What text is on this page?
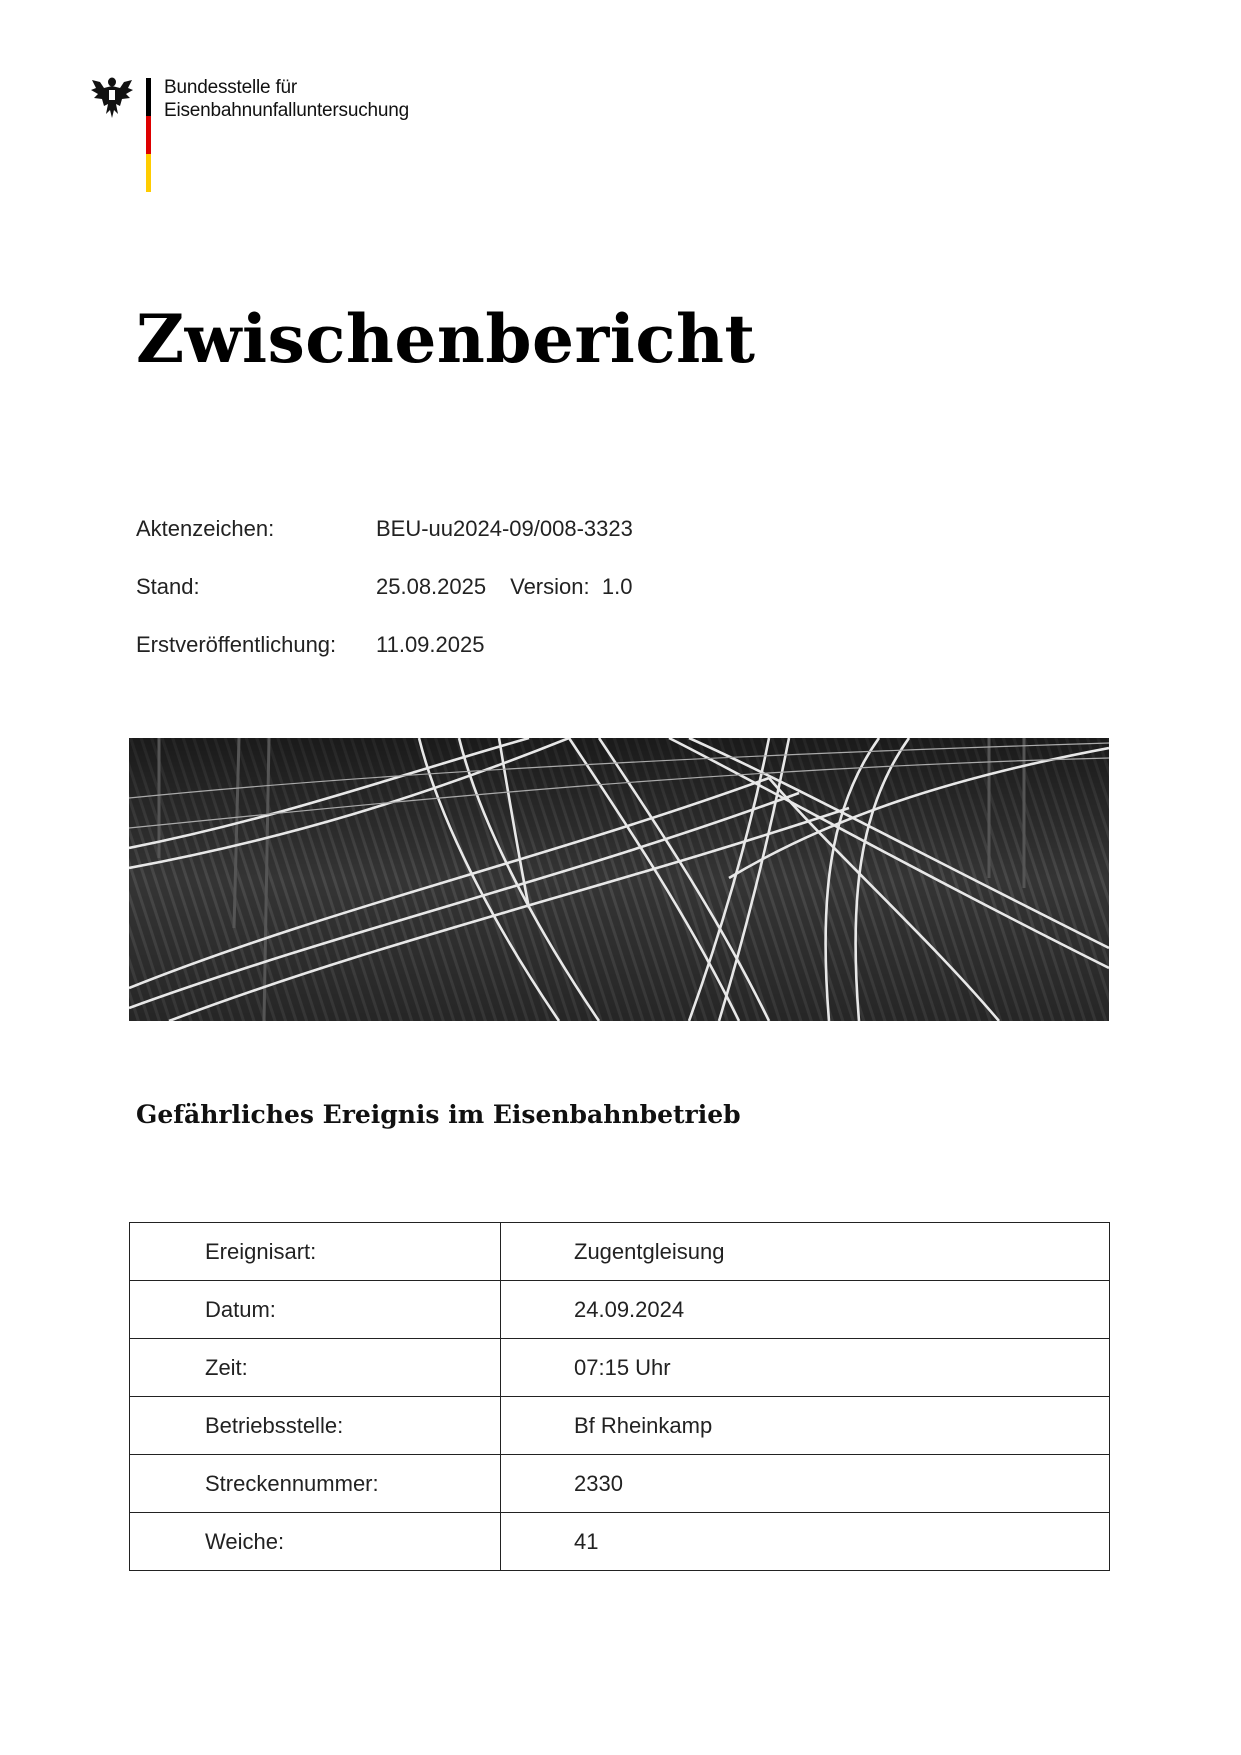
Bundesstelle für
Eisenbahnunfalluntersuchung
Zwischenbericht
Aktenzeichen:	BEU-uu2024-09/008-3323
Stand:	25.08.2025 Version: 1.0
Erstveröffentlichung: 11.09.2025
Gefährliches Ereignis im Eisenbahnbetrieb
Ereignisart:	Zugentgleisung
Datum:	24.09.2024
Zeit:	07:15 Uhr
Betriebsstelle:	Bf Rheinkamp
Streckennummer:	2330
Weiche:	41
